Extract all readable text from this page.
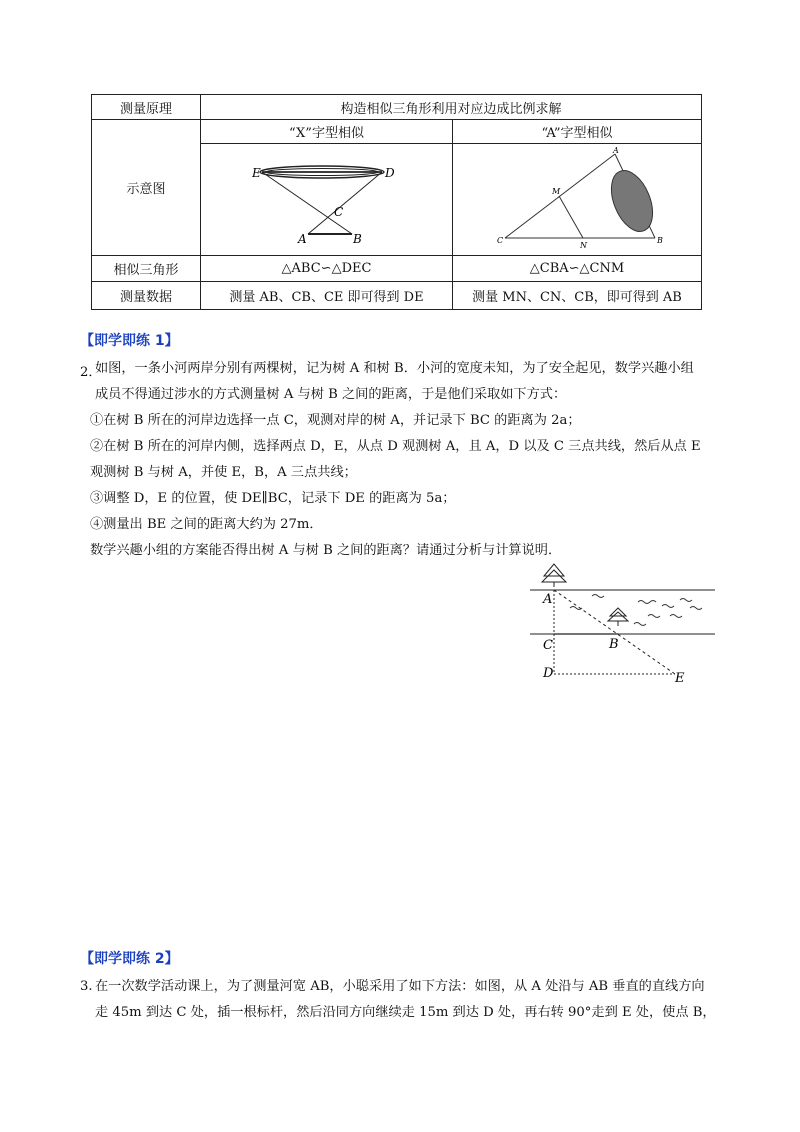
测量原理	构造相似三角形利用对应边成比例求解	
示意图	“X”字型相似	“A”字型相似

E D
C
A B	A
M
C
N
B

相似三角形	△ABC∽△DEC	△CBA∽△CNM
测量数据	测量 AB、CB、CE 即可得到 DE	测量 MN、CN、CB，即可得到 AB
【即学即练 1】
2．
如图，一条小河两岸分别有两棵树，记为树 A 和树 B．小河的宽度未知，为了安全起见，数学兴趣小组
成员不得通过涉水的方式测量树 A 与树 B 之间的距离，于是他们采取如下方式：
①在树 B 所在的河岸边选择一点 C，观测对岸的树 A，并记录下 BC 的距离为 2a；
②在树 B 所在的河岸内侧，选择两点 D，E，从点 D 观测树 A，且 A，D 以及 C 三点共线，然后从点 E
观测树 B 与树 A，并使 E，B，A 三点共线；
③调整 D，E 的位置，使 DE∥BC，记录下 DE 的距离为 5a；
④测量出 BE 之间的距离大约为 27m．
数学兴趣小组的方案能否得出树 A 与树 B 之间的距离？请通过分析与计算说明．
A
B
C
D	E
【即学即练 2】
3. 在一次数学活动课上，为了测量河宽 AB，小聪采用了如下方法：如图，从 A 处沿与 AB 垂直的直线方向
走 45m 到达 C 处，插一根标杆，然后沿同方向继续走 15m 到达 D 处，再右转 90°走到 E 处，使点 B，
